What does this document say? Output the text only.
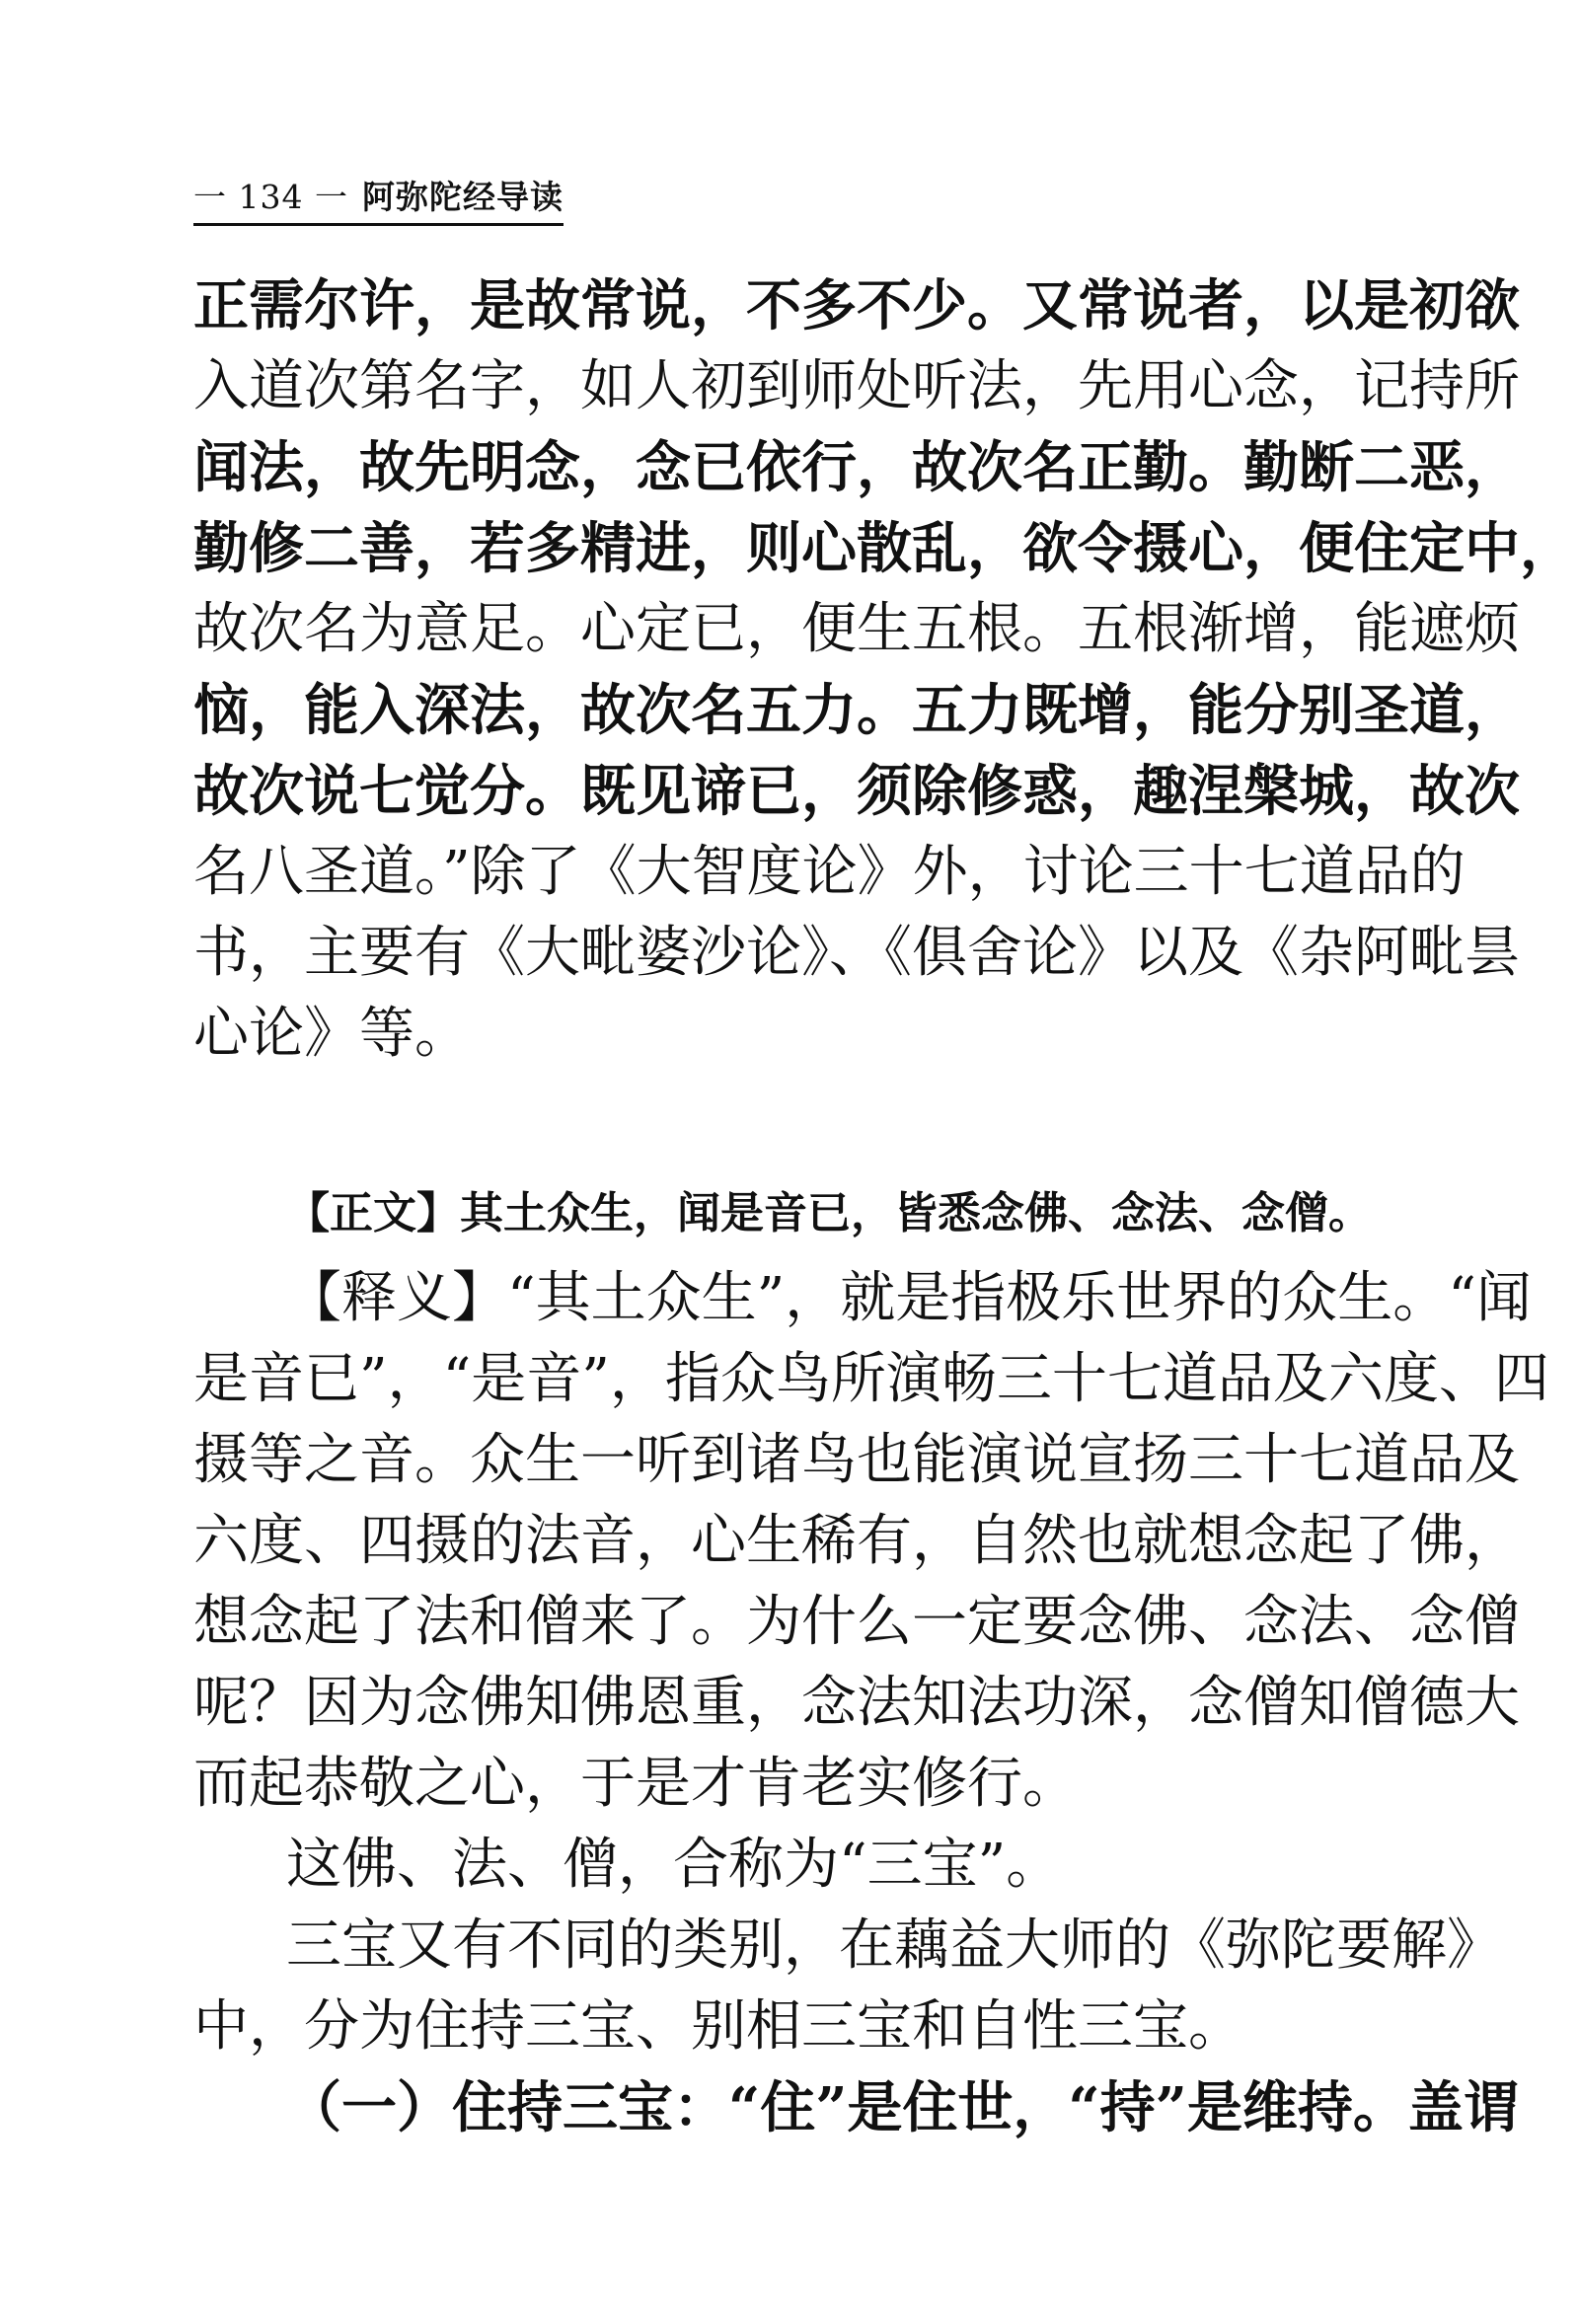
一 134 一 阿弥陀经导读
正需尔许，是故常说，不多不少。又常说者，以是初欲
入道次第名字，如人初到师处听法，先用心念，记持所
闻法，故先明念，念已依行，故次名正勤。勤断二恶，
勤修二善，若多精进，则心散乱，欲令摄心，便住定中，
故次名为意足。心定已，便生五根。五根渐增，能遮烦
恼，能入深法，故次名五力。五力既增，能分别圣道，
故次说七觉分。既见谛已，须除修惑，趣涅槃城，故次
名八圣道。”除了《大智度论》外，讨论三十七道品的
书，主要有《大毗婆沙论》、《俱舍论》以及《杂阿毗昙
心论》等。
【正文】其土众生，闻是音已，皆悉念佛、念法、念僧。
【释义】“其土众生”，就是指极乐世界的众生。“闻
是音已”，“是音”，指众鸟所演畅三十七道品及六度、四
摄等之音。众生一听到诸鸟也能演说宣扬三十七道品及
六度、四摄的法音，心生稀有，自然也就想念起了佛，
想念起了法和僧来了。为什么一定要念佛、念法、念僧
呢？因为念佛知佛恩重，念法知法功深，念僧知僧德大
而起恭敬之心，于是才肯老实修行。
这佛、法、僧，合称为“三宝”。
三宝又有不同的类别，在藕益大师的《弥陀要解》
中，分为住持三宝、别相三宝和自性三宝。
（一）住持三宝：“住”是住世，“持”是维持。盖谓
